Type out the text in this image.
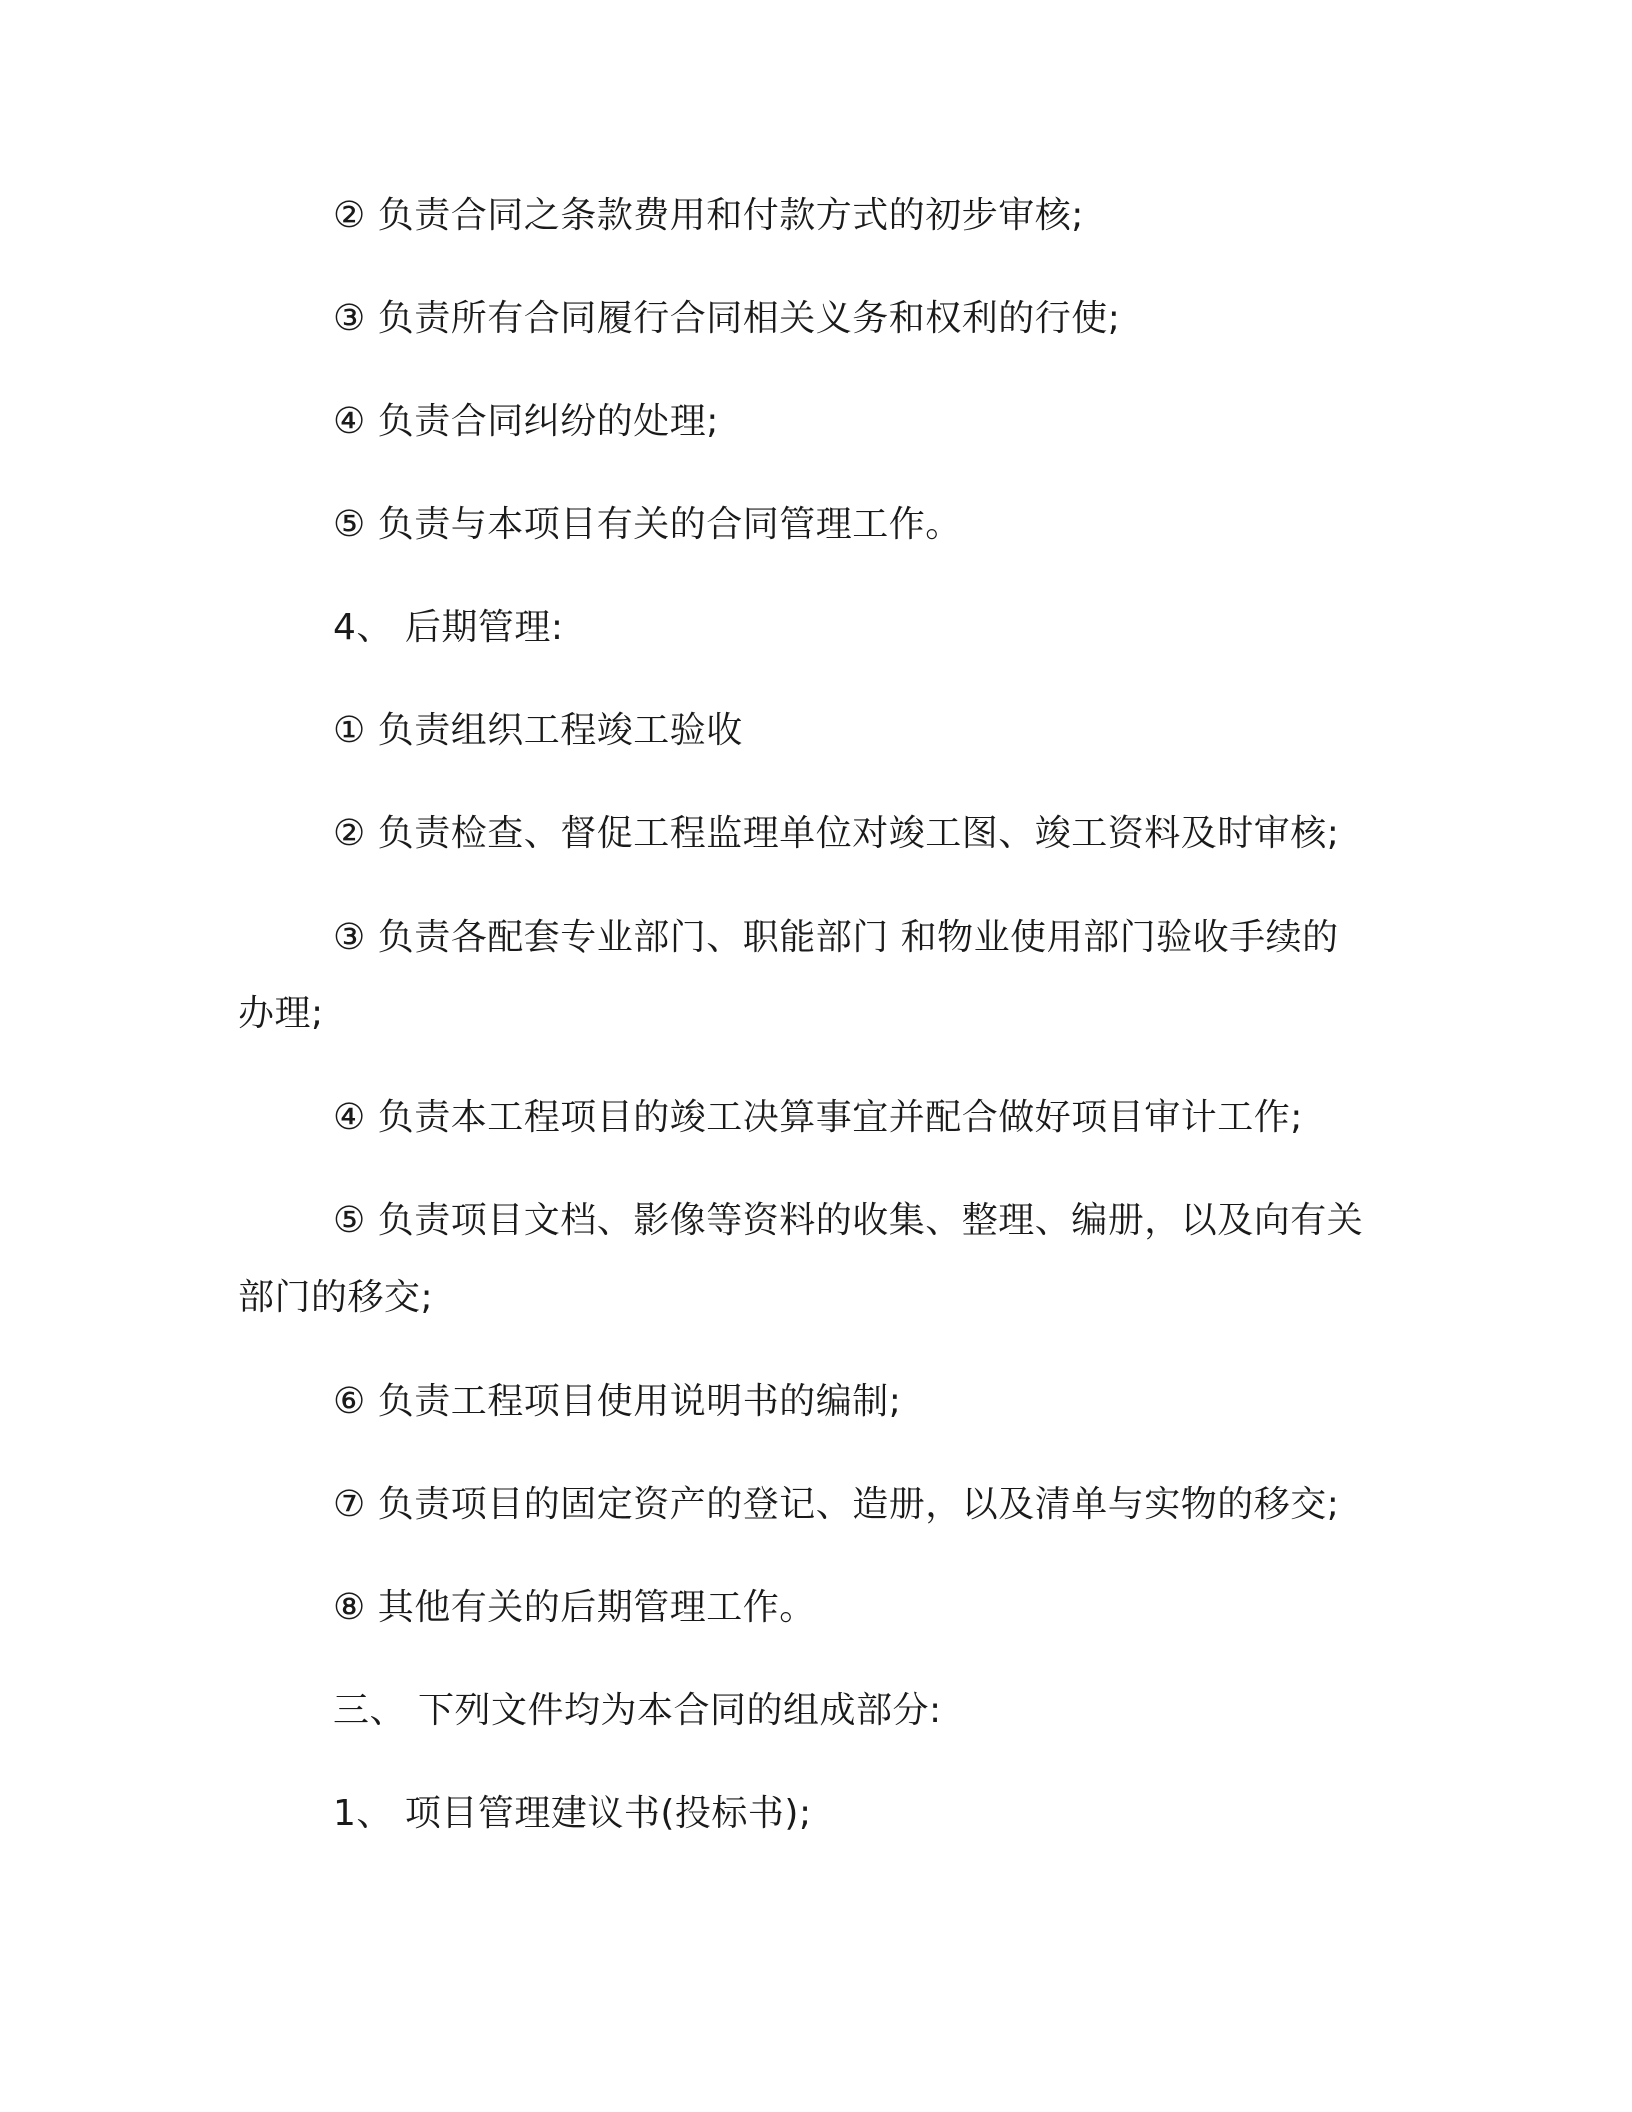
② 负责合同之条款费用和付款方式的初步审核;

③ 负责所有合同履行合同相关义务和权利的行使;

④ 负责合同纠纷的处理;

⑤ 负责与本项目有关的合同管理工作。

4、 后期管理:

① 负责组织工程竣工验收

② 负责检查、督促工程监理单位对竣工图、竣工资料及时审核;

③ 负责各配套专业部门、职能部门 和物业使用部门验收手续的

办理;

④ 负责本工程项目的竣工决算事宜并配合做好项目审计工作;

⑤ 负责项目文档、影像等资料的收集、整理、编册，以及向有关

部门的移交;

⑥ 负责工程项目使用说明书的编制;

⑦ 负责项目的固定资产的登记、造册，以及清单与实物的移交;

⑧ 其他有关的后期管理工作。

三、 下列文件均为本合同的组成部分:

1、 项目管理建议书(投标书);
